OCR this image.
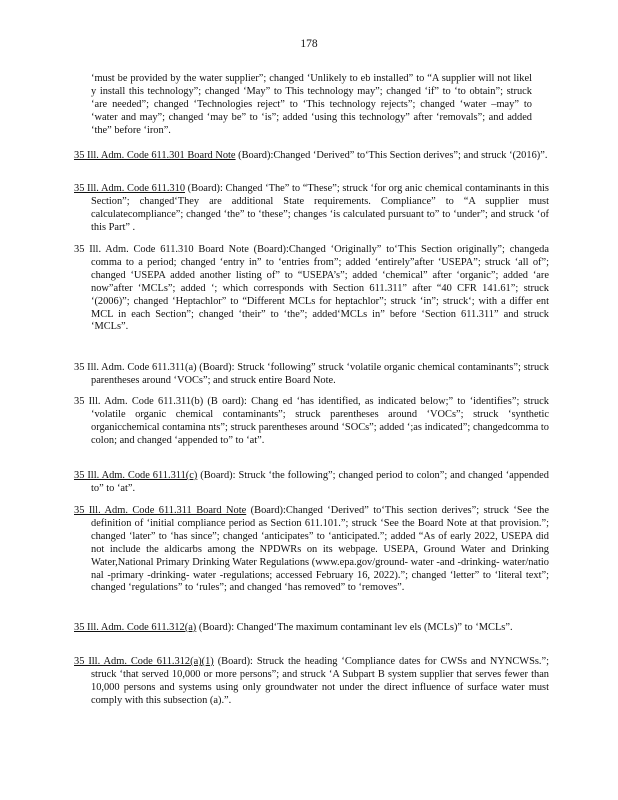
178

‘must be provided by the water supplier”; changed ‘Unlikely to eb installed” to “A supplier will not likel y install this technology”; changed ‘May” to This technology may”; changed ‘if” to ‘to obtain”; struck ‘are needed”; changed ‘Technologies reject” to ‘This technology rejects”; changed ‘water –may” to ‘water and may”; changed ‘may be” to ‘is”; added ‘using this technology” after ‘removals”; and added ‘the” before ‘iron”.

35 Ill. Adm. Code 611.301 Board Note (Board):Changed ‘Derived” to‘This Section derives”; and struck ‘(2016)”.

35 Ill. Adm. Code 611.310 (Board): Changed ‘The” to “These”; struck ‘for org anic chemical contaminants in this Section”; changed‘They are additional State requirements. Compliance” to “A supplier must calculatecompliance”; changed ‘the” to ‘these”; changes ‘is calculated pursuant to” to ‘under”; and struck ‘of this Part” .

35 Ill. Adm. Code 611.310 Board Note (Board):Changed ‘Originally” to‘This Section originally”; changeda comma to a period; changed ‘entry in” to ‘entries from”; added ‘entirely”after ‘USEPA”; struck ‘all of”; changed ‘USEPA added another listing of” to “USEPA’s”; added ‘chemical” after ‘organic”; added ‘are now”after ‘MCLs”; added ‘; which corresponds with Section 611.311” after “40 CFR 141.61”; struck ‘(2006)”; changed ‘Heptachlor” to “Different MCLs for heptachlor”; struck ‘in”; struck‘; with a differ ent MCL in each Section”; changed ‘their” to ‘the”; added‘MCLs in” before ‘Section 611.311” and struck ‘MCLs”.

35 Ill. Adm. Code 611.311(a) (Board): Struck ‘following” struck ‘volatile organic chemical contaminants”; struck parentheses around ‘VOCs”; and struck entire Board Note.

35 Ill. Adm. Code 611.311(b) (B oard): Chang ed ‘has identified, as indicated below;” to ‘identifies”; struck ‘volatile organic chemical contaminants”; struck parentheses around ‘VOCs”; struck ‘synthetic organicchemical contamina nts”; struck parentheses around ‘SOCs”; added ‘;as indicated”; changedcomma to colon; and changed ‘appended to” to ‘at”.

35 Ill. Adm. Code 611.311(c) (Board): Struck ‘the following”; changed period to colon”; and changed ‘appended to” to ‘at”.

35 Ill. Adm. Code 611.311 Board Note (Board):Changed ‘Derived” to‘This section derives”; struck ‘See the definition of ‘initial compliance period as Section 611.101.”; struck ‘See the Board Note at that provision.”; changed ‘later” to ‘has since”; changed ‘anticipates” to ‘anticipated.”; added “As of early 2022, USEPA did not include the aldicarbs among the NPDWRs on its webpage. USEPA, Ground Water and Drinking Water,National Primary Drinking Water Regulations (www.epa.gov/ground- water -and -drinking- water/natio nal -primary -drinking- water -regulations; accessed February 16, 2022).”; changed ‘letter” to ‘literal text”; changed ‘regulations” to ‘rules”; and changed ‘has removed” to ‘removes”.

35 Ill. Adm. Code 611.312(a) (Board): Changed‘The maximum contaminant lev els (MCLs)” to ‘MCLs”.

35 Ill. Adm. Code 611.312(a)(1) (Board): Struck the heading ‘Compliance dates for CWSs and NYNCWSs.”; struck ‘that served 10,000 or more persons”; and struck ‘A Subpart B system supplier that serves fewer than 10,000 persons and systems using only groundwater not under the direct influence of surface water must comply with this subsection (a).”.
